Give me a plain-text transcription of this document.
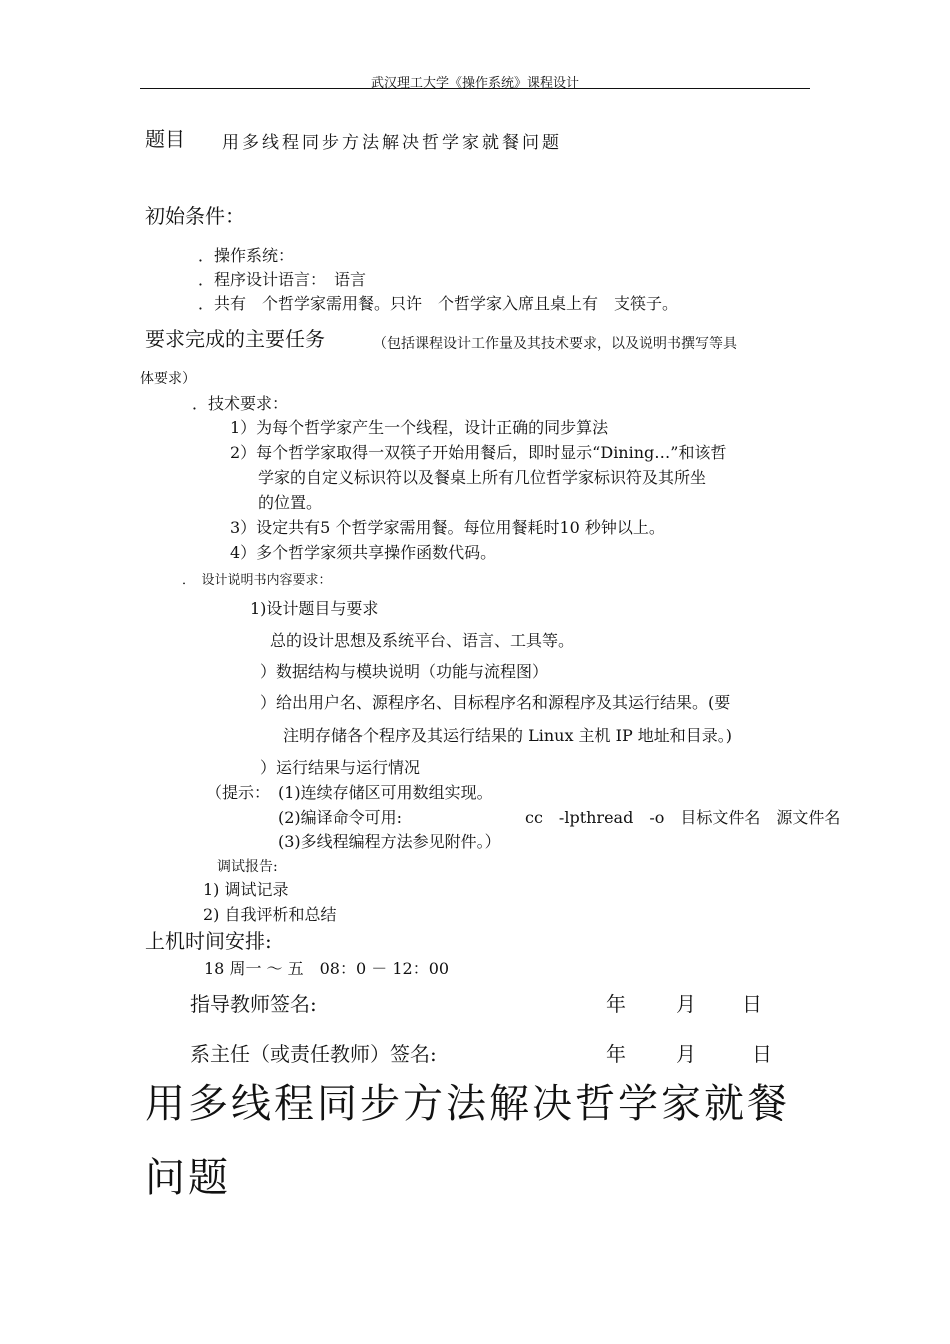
武汉理工大学《操作系统》课程设计
题目 用多线程同步方法解决哲学家就餐问题
初始条件：
．操作系统：
．程序设计语言：　语言
．共有　个哲学家需用餐。只许　个哲学家入席且桌上有　支筷子。
要求完成的主要任务	（包括课程设计工作量及其技术要求，以及说明书撰写等具
体要求）
．技术要求：
1）为每个哲学家产生一个线程，设计正确的同步算法
2）每个哲学家取得一双筷子开始用餐后，即时显示“Dining…”和该哲
学家的自定义标识符以及餐桌上所有几位哲学家标识符及其所坐
的位置。
3）设定共有5 个哲学家需用餐。每位用餐耗时10 秒钟以上。
4）多个哲学家须共享操作函数代码。
．　设计说明书内容要求：
1)设计题目与要求
总的设计思想及系统平台、语言、工具等。
）数据结构与模块说明（功能与流程图）
）给出用户名、源程序名、目标程序名和源程序及其运行结果。(要
注明存储各个程序及其运行结果的 Linux 主机 IP 地址和目录。)
）运行结果与运行情况
（提示： (1)连续存储区可用数组实现。
(2)编译命令可用:	cc　-lpthread　-o　目标文件名　源文件名
(3)多线程编程方法参见附件。）
调试报告:
1) 调试记录
2) 自我评析和总结
上机时间安排:
18 周一 ～ 五　08：0 － 12：00
指导教师签名:	年	月 日
系主任（或责任教师）签名:	年	月	日
用多线程同步方法解决哲学家就餐
问题
